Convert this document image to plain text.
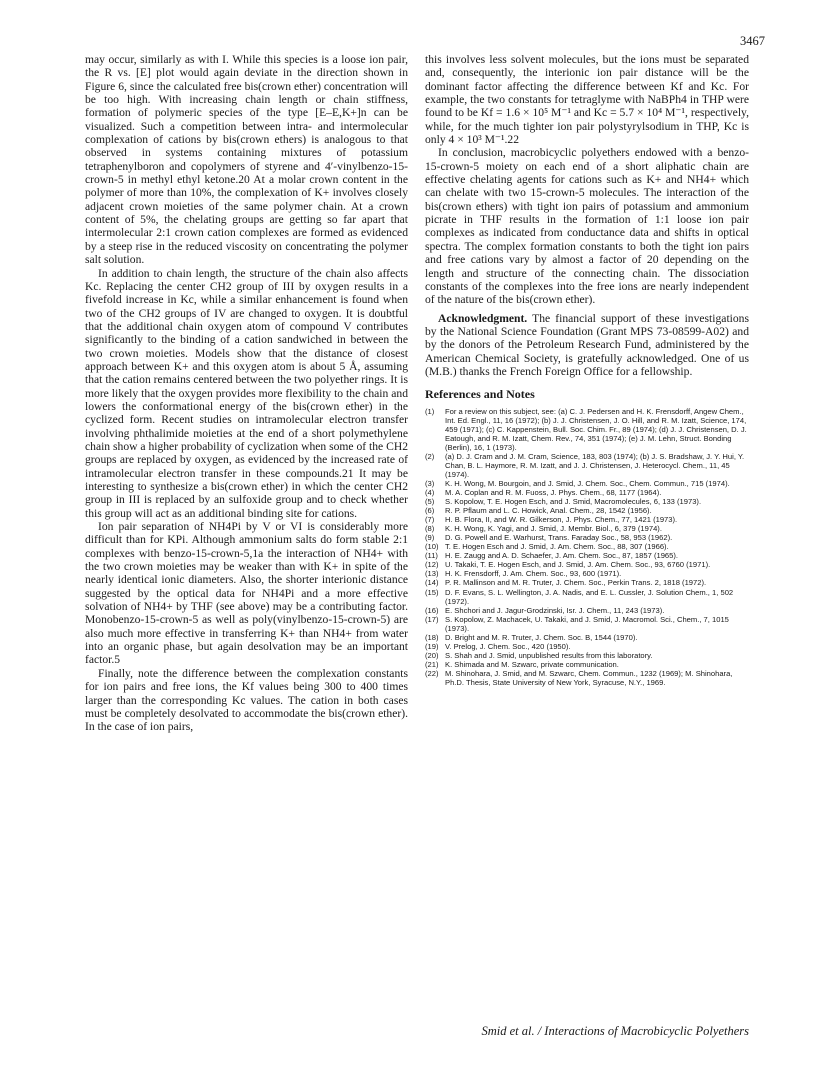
3467

may occur, similarly as with I. While this species is a loose ion pair, the R vs. [E] plot would again deviate in the direction shown in Figure 6, since the calculated free bis(crown ether) concentration will be too high. With increasing chain length or chain stiffness, formation of polymeric species of the type [E–E,K+]n can be visualized. Such a competition between intra- and intermolecular complexation of cations by bis(crown ethers) is analogous to that observed in systems containing mixtures of potassium tetraphenylboron and copolymers of styrene and 4′-vinylbenzo-15-crown-5 in methyl ethyl ketone.20 At a molar crown content in the polymer of more than 10%, the complexation of K+ involves closely adjacent crown moieties of the same polymer chain. At a crown content of 5%, the chelating groups are getting so far apart that intermolecular 2:1 crown cation complexes are formed as evidenced by a steep rise in the reduced viscosity on concentrating the polymer salt solution.

In addition to chain length, the structure of the chain also affects Kc. Replacing the center CH2 group of III by oxygen results in a fivefold increase in Kc, while a similar enhancement is found when two of the CH2 groups of IV are changed to oxygen. It is doubtful that the additional chain oxygen atom of compound V contributes significantly to the binding of a cation sandwiched in between the two crown moieties. Models show that the distance of closest approach between K+ and this oxygen atom is about 5 Å, assuming that the cation remains centered between the two polyether rings. It is more likely that the oxygen provides more flexibility to the chain and lowers the conformational energy of the bis(crown ether) in the cyclized form. Recent studies on intramolecular electron transfer involving phthalimide moieties at the end of a short polymethylene chain show a higher probability of cyclization when some of the CH2 groups are replaced by oxygen, as evidenced by the increased rate of intramolecular electron transfer in these compounds.21 It may be interesting to synthesize a bis(crown ether) in which the center CH2 group in III is replaced by an sulfoxide group and to check whether this group will act as an additional binding site for cations.

Ion pair separation of NH4Pi by V or VI is considerably more difficult than for KPi. Although ammonium salts do form stable 2:1 complexes with benzo-15-crown-5,1a the interaction of NH4+ with the two crown moieties may be weaker than with K+ in spite of the nearly identical ionic diameters. Also, the shorter interionic distance suggested by the optical data for NH4Pi and a more effective solvation of NH4+ by THF (see above) may be a contributing factor. Monobenzo-15-crown-5 as well as poly(vinylbenzo-15-crown-5) are also much more effective in transferring K+ than NH4+ from water into an organic phase, but again desolvation may be an important factor.5

Finally, note the difference between the complexation constants for ion pairs and free ions, the Kf values being 300 to 400 times larger than the corresponding Kc values. The cation in both cases must be completely desolvated to accommodate the bis(crown ether). In the case of ion pairs,

this involves less solvent molecules, but the ions must be separated and, consequently, the interionic ion pair distance will be the dominant factor affecting the difference between Kf and Kc. For example, the two constants for tetraglyme with NaBPh4 in THP were found to be Kf = 1.6 × 10⁵ M⁻¹ and Kc = 5.7 × 10⁴ M⁻¹, respectively, while, for the much tighter ion pair polystyrylsodium in THP, Kc is only 4 × 10³ M⁻¹.22

In conclusion, macrobicyclic polyethers endowed with a benzo-15-crown-5 moiety on each end of a short aliphatic chain are effective chelating agents for cations such as K+ and NH4+ which can chelate with two 15-crown-5 molecules. The interaction of the bis(crown ethers) with tight ion pairs of potassium and ammonium picrate in THF results in the formation of 1:1 loose ion pair complexes as indicated from conductance data and shifts in optical spectra. The complex formation constants to both the tight ion pairs and free cations vary by almost a factor of 20 depending on the length and structure of the connecting chain. The dissociation constants of the complexes into the free ions are nearly independent of the nature of the bis(crown ether).

Acknowledgment. The financial support of these investigations by the National Science Foundation (Grant MPS 73-08599-A02) and by the donors of the Petroleum Research Fund, administered by the American Chemical Society, is gratefully acknowledged. One of us (M.B.) thanks the French Foreign Office for a fellowship.

References and Notes
(1)	For a review on this subject, see: (a) C. J. Pedersen and H. K. Frensdorff, Angew Chem., Int. Ed. Engl., 11, 16 (1972); (b) J. J. Christensen, J. O. Hill, and R. M. Izatt, Science, 174, 459 (1971); (c) C. Kappenstein, Bull. Soc. Chim. Fr., 89 (1974); (d) J. J. Christensen, D. J. Eatough, and R. M. Izatt, Chem. Rev., 74, 351 (1974); (e) J. M. Lehn, Struct. Bonding (Berlin), 16, 1 (1973).
(2)	(a) D. J. Cram and J. M. Cram, Science, 183, 803 (1974); (b) J. S. Bradshaw, J. Y. Hui, Y. Chan, B. L. Haymore, R. M. Izatt, and J. J. Christensen, J. Heterocycl. Chem., 11, 45 (1974).
(3)	K. H. Wong, M. Bourgoin, and J. Smid, J. Chem. Soc., Chem. Commun., 715 (1974).
(4)	M. A. Coplan and R. M. Fuoss, J. Phys. Chem., 68, 1177 (1964).
(5)	S. Kopolow, T. E. Hogen Esch, and J. Smid, Macromolecules, 6, 133 (1973).
(6)	R. P. Pflaum and L. C. Howick, Anal. Chem., 28, 1542 (1956).
(7)	H. B. Flora, II, and W. R. Gilkerson, J. Phys. Chem., 77, 1421 (1973).
(8)	K. H. Wong, K. Yagi, and J. Smid, J. Membr. Biol., 6, 379 (1974).
(9)	D. G. Powell and E. Warhurst, Trans. Faraday Soc., 58, 953 (1962).
(10) T. E. Hogen Esch and J. Smid, J. Am. Chem. Soc., 88, 307 (1966).
(11) H. E. Zaugg and A. D. Schaefer, J. Am. Chem. Soc., 87, 1857 (1965).
(12) U. Takaki, T. E. Hogen Esch, and J. Smid, J. Am. Chem. Soc., 93, 6760 (1971).
(13) H. K. Frensdorff, J. Am. Chem. Soc., 93, 600 (1971).
(14) P. R. Mallinson and M. R. Truter, J. Chem. Soc., Perkin Trans. 2, 1818 (1972).
(15) D. F. Evans, S. L. Wellington, J. A. Nadis, and E. L. Cussler, J. Solution Chem., 1, 502 (1972).
(16) E. Shchori and J. Jagur-Grodzinski, Isr. J. Chem., 11, 243 (1973).
(17) S. Kopolow, Z. Machacek, U. Takaki, and J. Smid, J. Macromol. Sci., Chem., 7, 1015 (1973).
(18) D. Bright and M. R. Truter, J. Chem. Soc. B, 1544 (1970).
(19) V. Prelog, J. Chem. Soc., 420 (1950).
(20) S. Shah and J. Smid, unpublished results from this laboratory.
(21) K. Shimada and M. Szwarc, private communication.
(22) M. Shinohara, J. Smid, and M. Szwarc, Chem. Commun., 1232 (1969); M. Shinohara, Ph.D. Thesis, State University of New York, Syracuse, N.Y., 1969.
Smid et al. / Interactions of Macrobicyclic Polyethers
